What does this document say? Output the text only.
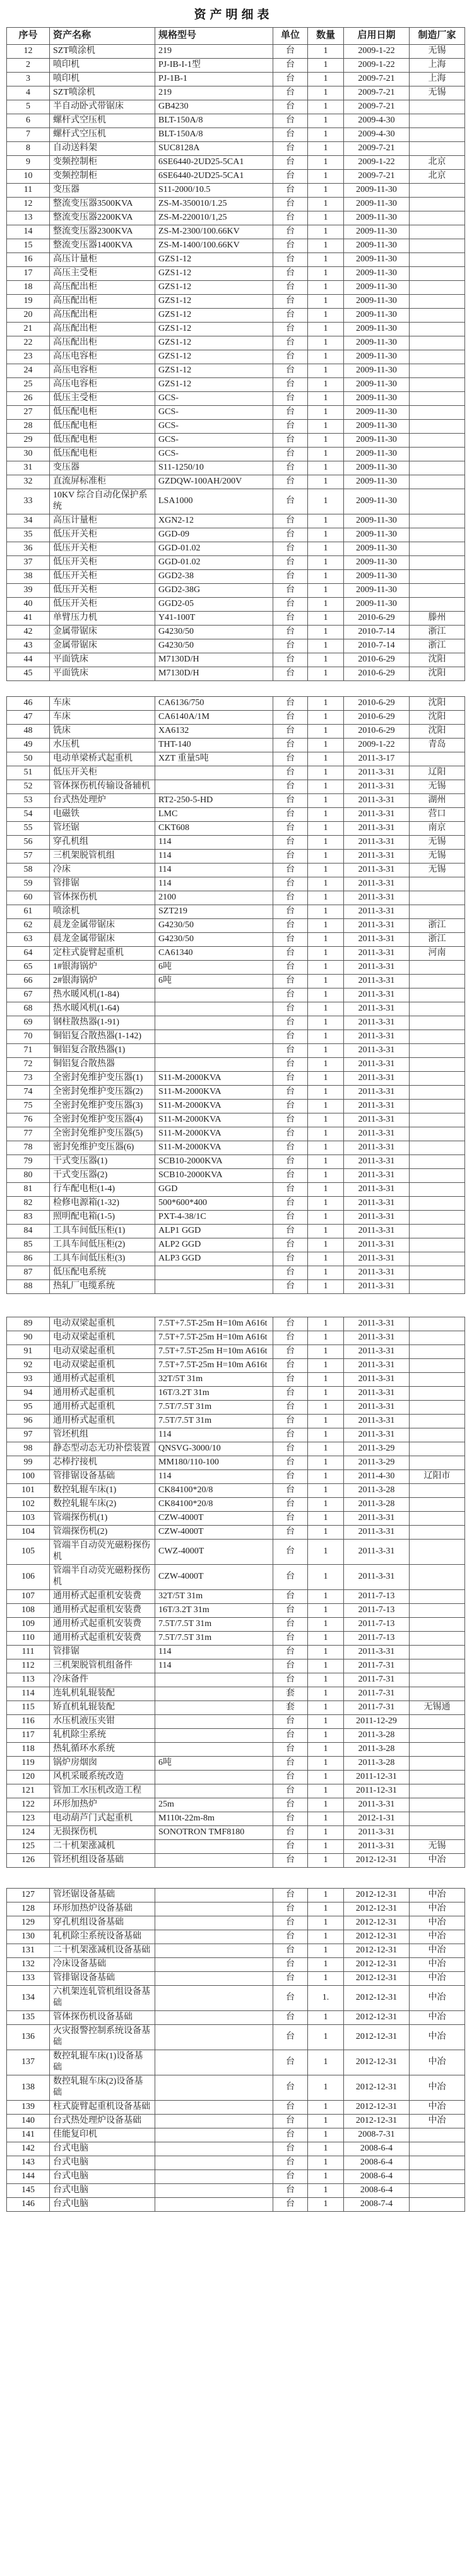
资产明细表
序号	资产名称	规格型号	单位	数量	启用日期	制造厂家
12	SZT喷涂机	219	台	1	2009-1-22	无锡
2	喷印机	PJ-IB-I-1型	台	1	2009-1-22	上海
3	喷印机	PJ-1B-1	台	1	2009-7-21	上海
4	SZT喷涂机	219	台	1	2009-7-21	无锡
5	半自动卧式带锯床	GB4230	台	1	2009-7-21	
6	螺杆式空压机	BLT-150A/8	台	1	2009-4-30	
7	螺杆式空压机	BLT-150A/8	台	1	2009-4-30	
8	自动送料架	SUC8128A	台	1	2009-7-21	
9	变频控制柜	6SE6440-2UD25-5CA1	台	1	2009-1-22	北京
10	变频控制柜	6SE6440-2UD25-5CA1	台	1	2009-7-21	北京
11	变压器	S11-2000/10.5	台	1	2009-11-30	
12	整流变压器3500KVA	ZS-M-350010/1.25	台	1	2009-11-30	
13	整流变压器2200KVA	ZS-M-220010/1,25	台	1	2009-11-30	
14	整流变压器2300KVA	ZS-M-2300/100.66KV	台	1	2009-11-30	
15	整流变压器1400KVA	ZS-M-1400/100.66KV	台	1	2009-11-30	
16	高压计量柜	GZS1-12	台	1	2009-11-30	
17	高压主受柜	GZS1-12	台	1	2009-11-30	
18	高压配出柜	GZS1-12	台	1	2009-11-30	
19	高压配出柜	GZS1-12	台	1	2009-11-30	
20	高压配出柜	GZS1-12	台	1	2009-11-30	
21	高压配出柜	GZS1-12	台	1	2009-11-30	
22	高压配出柜	GZS1-12	台	1	2009-11-30	
23	高压电容柜	GZS1-12	台	1	2009-11-30	
24	高压电容柜	GZS1-12	台	1	2009-11-30	
25	高压电容柜	GZS1-12	台	1	2009-11-30	
26	低压主受柜	GCS-	台	1	2009-11-30	
27	低压配电柜	GCS-	台	1	2009-11-30	
28	低压配电柜	GCS-	台	1	2009-11-30	
29	低压配电柜	GCS-	台	1	2009-11-30	
30	低压配电柜	GCS-	台	1	2009-11-30	
31	变压器	S11-1250/10	台	1	2009-11-30	
32	直流屏标准柜	GZDQW-100AH/200V	台	1	2009-11-30	
33	10KV 综合自动化保护系统	LSA1000	台	1	2009-11-30	
34	高压计量柜	XGN2-12	台	1	2009-11-30	
35	低压开关柜	GGD-09	台	1	2009-11-30	
36	低压开关柜	GGD-01.02	台	1	2009-11-30	
37	低压开关柜	GGD-01.02	台	1	2009-11-30	
38	低压开关柜	GGD2-38	台	1	2009-11-30	
39	低压开关柜	GGD2-38G	台	1	2009-11-30	
40	低压开关柜	GGD2-05	台	1	2009-11-30	
41	单臂压力机	Y41-100T	台	1	2010-6-29	滕州
42	金属带锯床	G4230/50	台	1	2010-7-14	浙江
43	金属带锯床	G4230/50	台	1	2010-7-14	浙江
44	平面铣床	M7130D/H	台	1	2010-6-29	沈阳
45	平面铣床	M7130D/H	台	1	2010-6-29	沈阳
46	车床	CA6136/750	台	1	2010-6-29	沈阳
47	车床	CA6140A/1M	台	1	2010-6-29	沈阳
48	铣床	XA6132	台	1	2010-6-29	沈阳
49	水压机	THT-140	台	1	2009-1-22	青岛
50	电动单梁桥式起重机	XZT 重量5吨	台	1	2011-3-17	
51	低压开关柜		台	1	2011-3-31	辽阳
52	管体探伤机传输设备辅机		台	1	2011-3-31	无锡
53	台式热处理炉	RT2-250-5-HD	台	1	2011-3-31	湖州
54	电磁铁	LMC	台	1	2011-3-31	营口
55	管坯锯	CKT608	台	1	2011-3-31	南京
56	穿孔机组	114	台	1	2011-3-31	无锡
57	三机架脱管机组	114	台	1	2011-3-31	无锡
58	冷床	114	台	1	2011-3-31	无锡
59	管排锯	114	台	1	2011-3-31	
60	管体探伤机	2100	台	1	2011-3-31	
61	喷涂机	SZT219	台	1	2011-3-31	
62	晨龙金属带锯床	G4230/50	台	1	2011-3-31	浙江
63	晨龙金属带锯床	G4230/50	台	1	2011-3-31	浙江
64	定柱式旋臂起重机	CA61340	台	1	2011-3-31	河南
65	1#银海锅炉	6吨	台	1	2011-3-31	
66	2#银海锅炉	6吨	台	1	2011-3-31	
67	热水暖风机(1-84)		台	1	2011-3-31	
68	热水暖风机(1-64)		台	1	2011-3-31	
69	钢柱散热器(1-91)		台	1	2011-3-31	
70	铜铝复合散热器(1-142)		台	1	2011-3-31	
71	铜铝复合散热器(1)		台	1	2011-3-31	
72	铜铝复合散热器		台	1	2011-3-31	
73	全密封免维护变压器(1)	S11-M-2000KVA	台	1	2011-3-31	
74	全密封免维护变压器(2)	S11-M-2000KVA	台	1	2011-3-31	
75	全密封免维护变压器(3)	S11-M-2000KVA	台	1	2011-3-31	
76	全密封免维护变压器(4)	S11-M-2000KVA	台	1	2011-3-31	
77	全密封免维护变压器(5)	S11-M-2000KVA	台	1	2011-3-31	
78	密封免维护变压器(6)	S11-M-2000KVA	台	1	2011-3-31	
79	干式变压器(1)	SCB10-2000KVA	台	1	2011-3-31	
80	干式变压器(2)	SCB10-2000KVA	台	1	2011-3-31	
81	行车配电柜(1-4)	GGD	台	1	2011-3-31	
82	检修电源箱(1-32)	500*600*400	台	1	2011-3-31	
83	照明配电箱(1-5)	PXT-4-38/1C	台	1	2011-3-31	
84	工具车间低压柜(1)	ALP1 GGD	台	1	2011-3-31	
85	工具车间低压柜(2)	ALP2 GGD	台	1	2011-3-31	
86	工具车间低压柜(3)	ALP3 GGD	台	1	2011-3-31	
87	低压配电系统		台	1	2011-3-31	
88	热轧厂电缆系统		台	1	2011-3-31	
89	电动双梁起重机	7.5T+7.5T-25m H=10m A616t	台	1	2011-3-31	
90	电动双梁起重机	7.5T+7.5T-25m H=10m A616t	台	1	2011-3-31	
91	电动双梁起重机	7.5T+7.5T-25m H=10m A616t	台	1	2011-3-31	
92	电动双梁起重机	7.5T+7.5T-25m H=10m A616t	台	1	2011-3-31	
93	通用桥式起重机	32T/5T 31m	台	1	2011-3-31	
94	通用桥式起重机	16T/3.2T 31m	台	1	2011-3-31	
95	通用桥式起重机	7.5T/7.5T 31m	台	1	2011-3-31	
96	通用桥式起重机	7.5T/7.5T 31m	台	1	2011-3-31	
97	管坯机组	114	台	1	2011-3-31	
98	静态型动态无功补偿装置	QNSVG-3000/10	台	1	2011-3-29	
99	芯棒拧接机	MM180/110-100	台	1	2011-3-29	
100	管排锯设备基础	114	台	1	2011-4-30	辽阳市
101	数控轧辊车床(1)	CK84100*20/8	台	1	2011-3-28	
102	数控轧辊车床(2)	CK84100*20/8	台	1	2011-3-28	
103	管端探伤机(1)	CZW-4000T	台	1	2011-3-31	
104	管端探伤机(2)	CZW-4000T	台	1	2011-3-31	
105	管端半自动荧光磁粉探伤机	CWZ-4000T	台	1	2011-3-31	
106	管端半自动荧光磁粉探伤机	CZW-4000T	台	1	2011-3-31	
107	通用桥式起重机安装费	32T/5T 31m	台	1	2011-7-13	
108	通用桥式起重机安装费	16T/3.2T 31m	台	1	2011-7-13	
109	通用桥式起重机安装费	7.5T/7.5T 31m	台	1	2011-7-13	
110	通用桥式起重机安装费	7.5T/7.5T 31m	台	1	2011-7-13	
111	管排锯	114	台	1	2011-3-31	
112	三机架脱管机组备件	114	台	1	2011-7-31	
113	冷床备件		台	1	2011-7-31	
114	连轧机轧辊装配		套	1	2011-7-31	
115	矫直机轧辊装配		套	1	2011-7-31	无锡通
116	水压机液压夹钳		台	1	2011-12-29	
117	轧机除尘系统		台	1	2011-3-28	
118	热轧循环水系统		台	1	2011-3-28	
119	锅炉房烟囱	6吨	台	1	2011-3-28	
120	风机采暖系统改造		台	1	2011-12-31	
121	管加工水压机改造工程		台	1	2011-12-31	
122	环形加热炉	25m	台	1	2011-3-31	
123	电动葫芦门式起重机	M110t-22m-8m	台	1	2012-1-31	
124	无损探伤机	SONOTRON TMF8180	台	1	2011-3-31	
125	二十机架涨减机		台	1	2011-3-31	无锡
126	管坯机组设备基础		台	1	2012-12-31	中冶
127	管坯锯设备基础		台	1	2012-12-31	中冶
128	环形加热炉设备基础		台	1	2012-12-31	中冶
129	穿孔机组设备基础		台	1	2012-12-31	中冶
130	轧机除尘系统设备基础		台	1	2012-12-31	中冶
131	二十机架涨减机设备基础		台	1	2012-12-31	中冶
132	冷床设备基础		台	1	2012-12-31	中冶
133	管排锯设备基础		台	1	2012-12-31	中冶
134	六机架连轧管机组设备基础		台	1.	2012-12-31	中冶
135	管体探伤机设备基础		台	1	2012-12-31	中冶
136	火灾报警控制系统设备基础		台	1	2012-12-31	中冶
137	数控轧辊车床(1)设备基础		台	1	2012-12-31	中冶
138	数控轧辊车床(2)设备基础		台	1	2012-12-31	中冶
139	柱式旋臂起重机设备基础		台	1	2012-12-31	中冶
140	台式热处理炉设备基础		台	1	2012-12-31	中冶
141	佳能复印机		台	1	2008-7-31	
142	台式电脑		台	1	2008-6-4	
143	台式电脑		台	1	2008-6-4	
144	台式电脑		台	1	2008-6-4	
145	台式电脑		台	1	2008-6-4	
146	台式电脑		台	1	2008-7-4	
